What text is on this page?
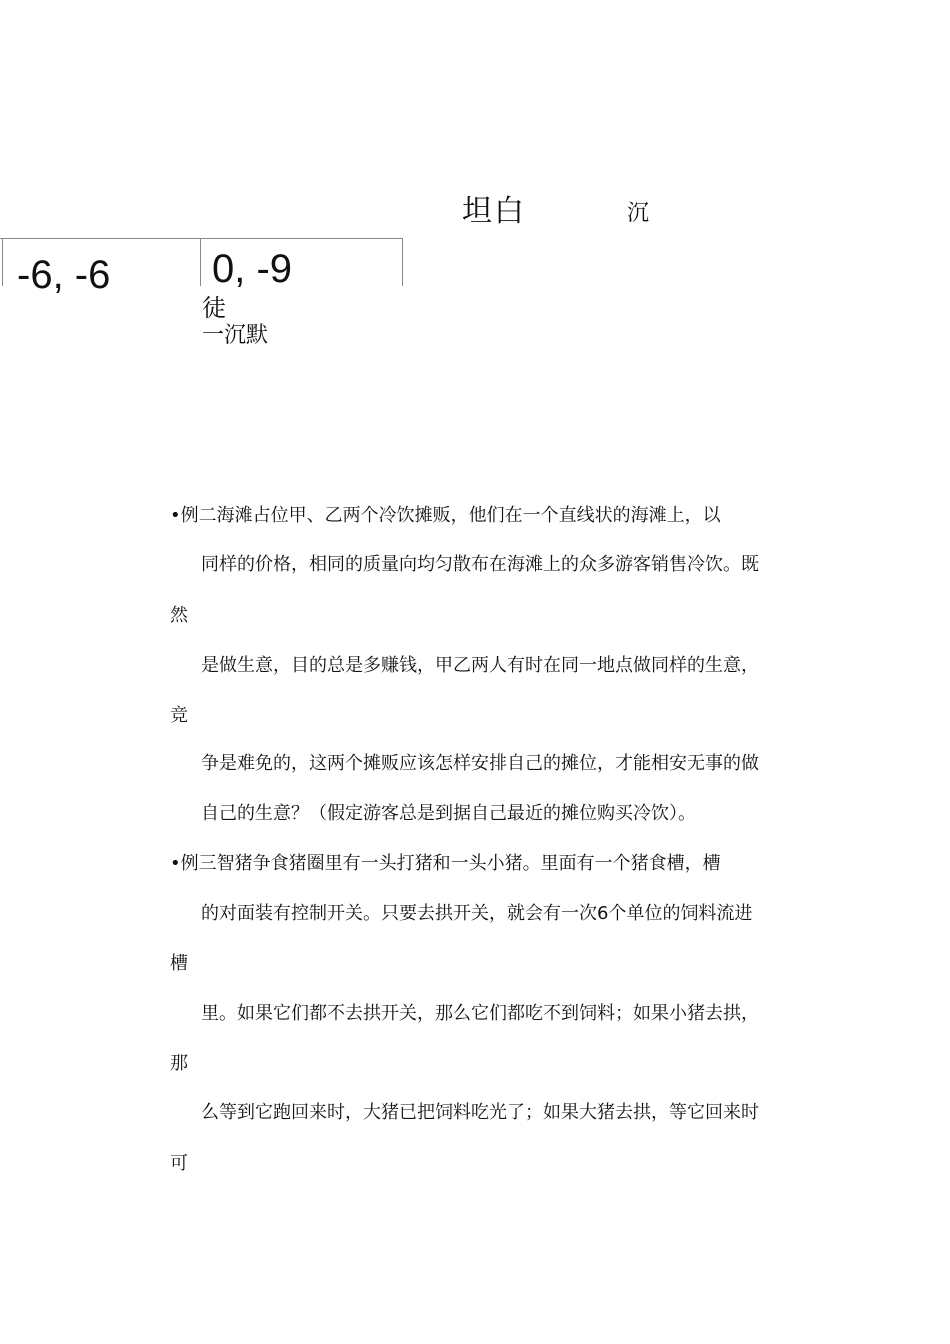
坦白	沉
-6, -6	0, -9
徒
一沉默
•例二海滩占位甲、乙两个冷饮摊贩，他们在一个直线状的海滩上，以
同样的价格，相同的质量向均匀散布在海滩上的众多游客销售冷饮。既
然
是做生意，目的总是多赚钱，甲乙两人有时在同一地点做同样的生意，
竞
争是难免的，这两个摊贩应该怎样安排自己的摊位，才能相安无事的做
自己的生意？（假定游客总是到据自己最近的摊位购买冷饮）。
•例三智猪争食猪圈里有一头打猪和一头小猪。里面有一个猪食槽，槽
的对面装有控制开关。只要去拱开关，就会有一次6个单位的饲料流进
槽
里。如果它们都不去拱开关，那么它们都吃不到饲料；如果小猪去拱，
那
么等到它跑回来时，大猪已把饲料吃光了；如果大猪去拱，等它回来时
可
